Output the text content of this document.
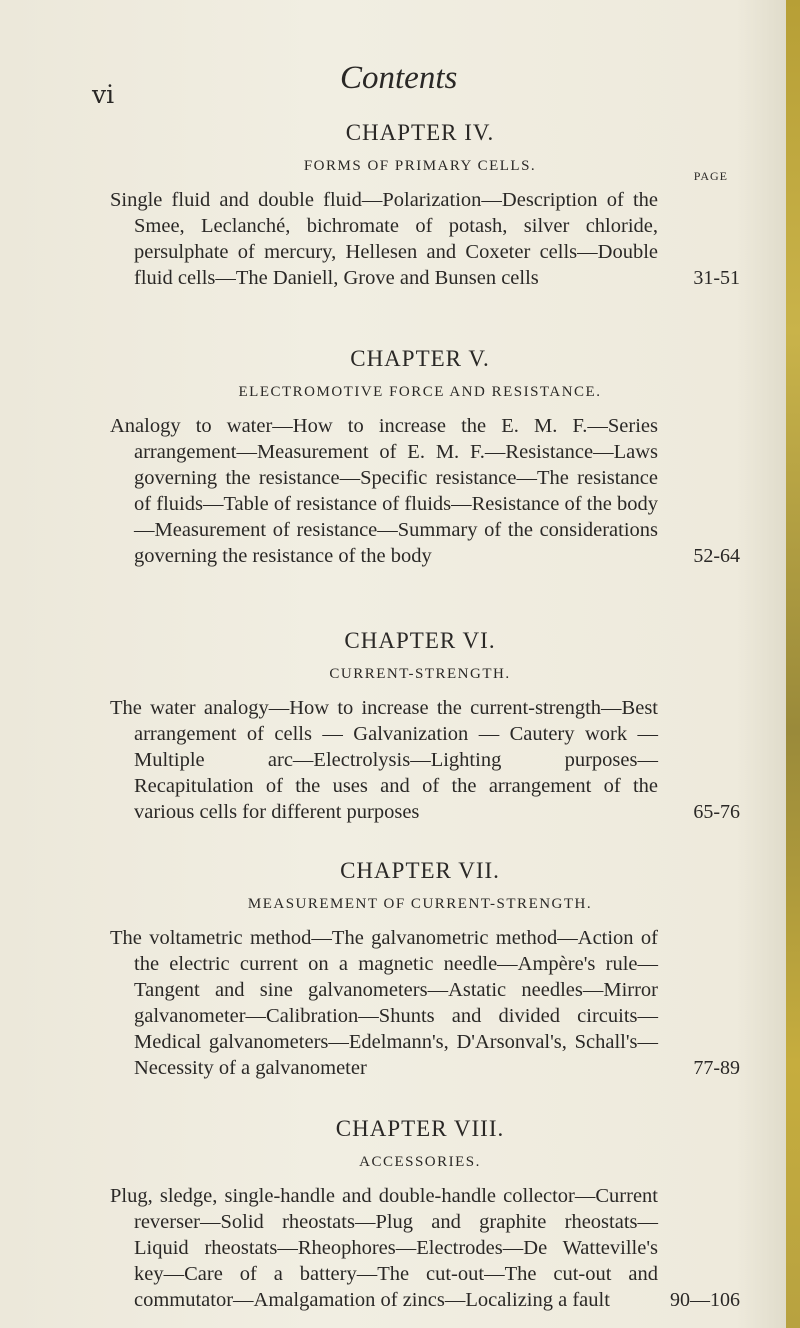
vi	Contents

CHAPTER IV.

FORMS OF PRIMARY CELLS.

PAGE

Single fluid and double fluid—Polarization—Description of the Smee, Leclanché, bichromate of potash, silver chloride, persulphate of mercury, Hellesen and Coxeter cells—Double fluid cells—The Daniell, Grove and Bunsen cells	31-51

CHAPTER V.

ELECTROMOTIVE FORCE AND RESISTANCE.

Analogy to water—How to increase the E. M. F.—Series arrangement—Measurement of E. M. F.—Resistance—Laws governing the resistance—Specific resistance—The resistance of fluids—Table of resistance of fluids—Resistance of the body —Measurement of resistance—Summary of the considerations governing the resistance of the body	52-64

CHAPTER VI.

CURRENT-STRENGTH.

The water analogy—How to increase the current-strength—Best arrangement of cells — Galvanization — Cautery work — Multiple arc—Electrolysis—Lighting purposes—Recapitulation of the uses and of the arrangement of the various cells for different purposes	65-76

CHAPTER VII.

MEASUREMENT OF CURRENT-STRENGTH.

The voltametric method—The galvanometric method—Action of the electric current on a magnetic needle—Ampère's rule—Tangent and sine galvanometers—Astatic needles—Mirror galvanometer—Calibration—Shunts and divided circuits—Medical galvanometers—Edelmann's, D'Arsonval's, Schall's—Necessity of a galvanometer	77-89

CHAPTER VIII.

ACCESSORIES.

Plug, sledge, single-handle and double-handle collector—Current reverser—Solid rheostats—Plug and graphite rheostats—Liquid rheostats—Rheophores—Electrodes—De Watteville's key—Care of a battery—The cut-out—The cut-out and commutator—Amalgamation of zincs—Localizing a fault	90—106
